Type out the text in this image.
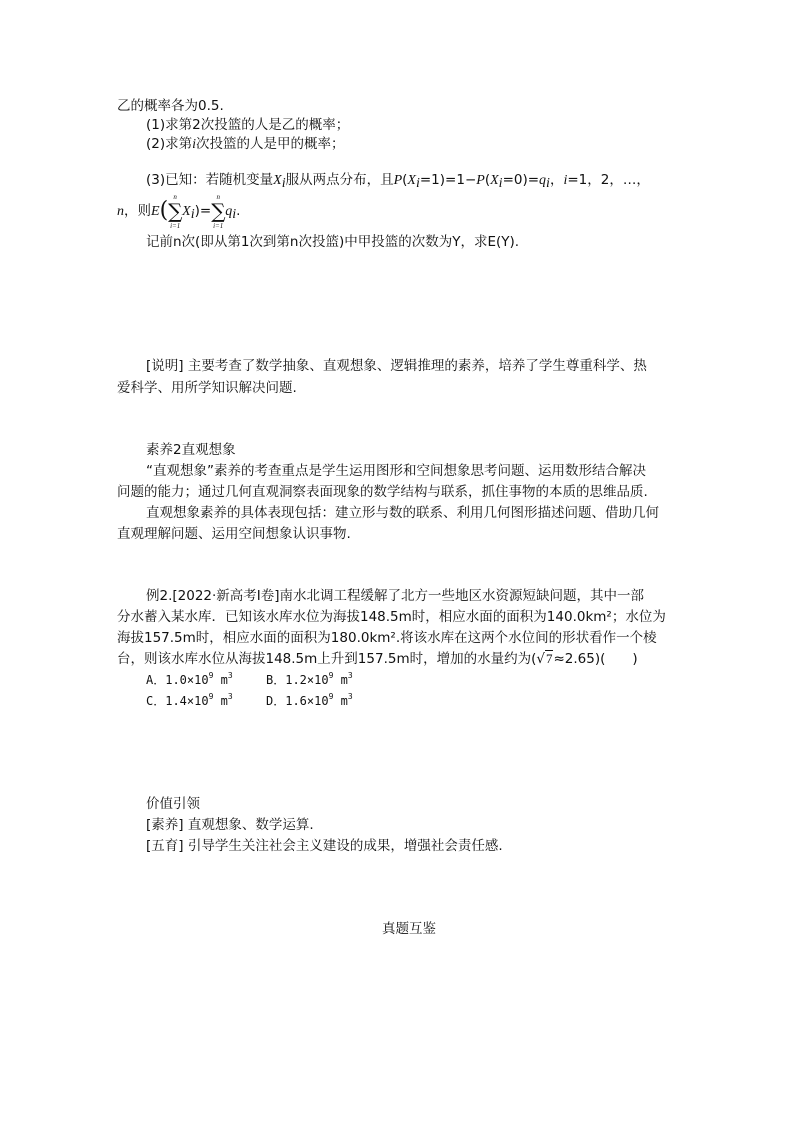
乙的概率各为0.5.
(1)求第2次投篮的人是乙的概率；
(2)求第i次投篮的人是甲的概率；
(3)已知：若随机变量$X_i$服从两点分布，且$P(X_i=1)=1-P(X_i=0)=q_i$，i=1，2，…，
n，则E(∑
n
i=1
$X_i)=\sum$
n
i=1
$q_i$.
记前n次(即从第1次到第n次投篮)中甲投篮的次数为Y，求E(Y).
[说明] 主要考查了数学抽象、直观想象、逻辑推理的素养，培养了学生尊重科学、热
爱科学、用所学知识解决问题.
素养2直观想象
“直观想象”素养的考查重点是学生运用图形和空间想象思考问题、运用数形结合解决
问题的能力；通过几何直观洞察表面现象的数学结构与联系，抓住事物的本质的思维品质.
直观想象素养的具体表现包括：建立形与数的联系、利用几何图形描述问题、借助几何
直观理解问题、运用空间想象认识事物.
例2.[2022·新高考Ⅰ卷]南水北调工程缓解了北方一些地区水资源短缺问题，其中一部
分水蓄入某水库．已知该水库水位为海拔148.5m时，相应水面的面积为140.0km²；水位为
海拔157.5m时，相应水面的面积为180.0km².将该水库在这两个水位间的形状看作一个棱
台，则该水库水位从海拔148.5m上升到157.5m时，增加的水量约为(√7≈2.65)(　　)
A．$1.0\times 10^9$ $m^3$	B．$1.2\times 10^9$ $m^3$
C．$1.4\times 10^9$ $m^3$	D．$1.6\times 10^9$ $m^3$
价值引领
[素养] 直观想象、数学运算.
[五育] 引导学生关注社会主义建设的成果，增强社会责任感.
真题互鉴
